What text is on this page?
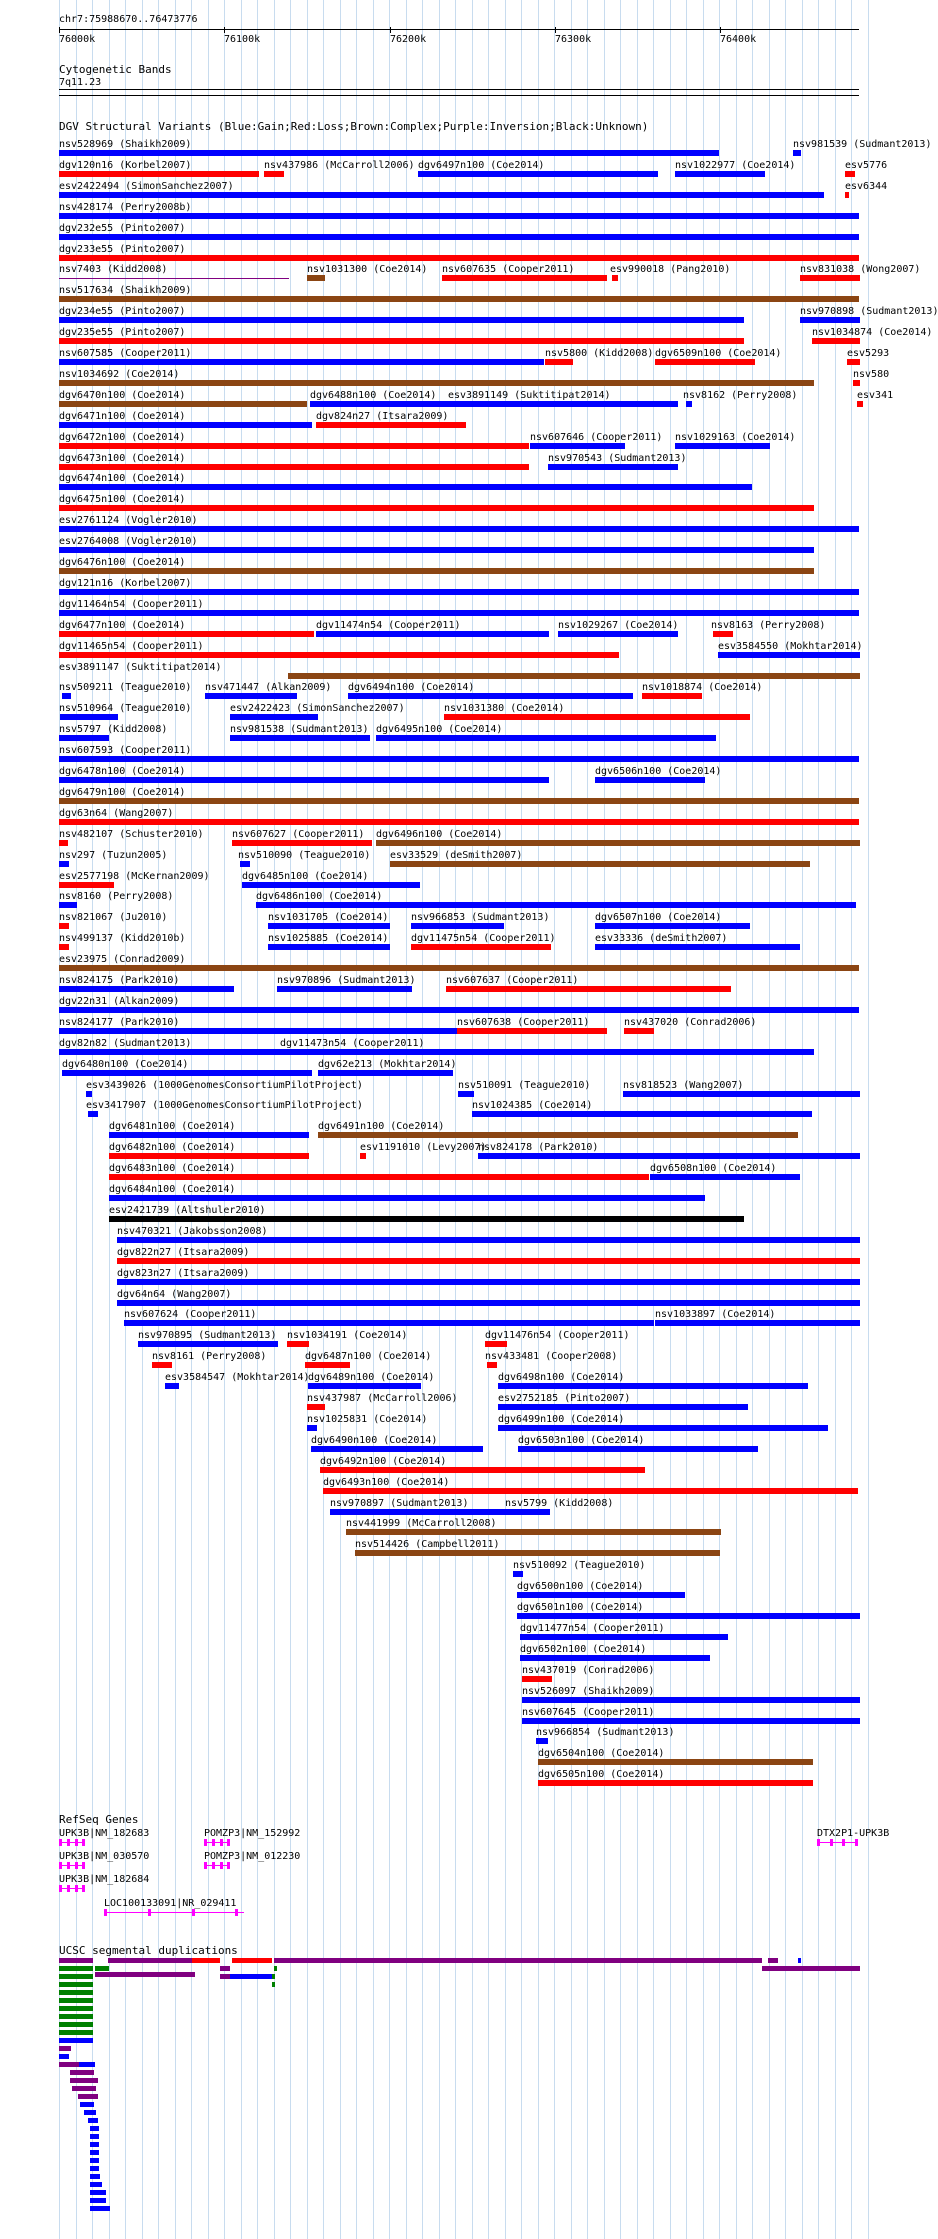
chr7:75988670..76473776
76000k	76100k	76200k	76300k	76400k
Cytogenetic Bands
7q11.23
DGV Structural Variants (Blue:Gain;Red:Loss;Brown:Complex;Purple:Inversion;Black:Unknown)
nsv528969 (Shaikh2009)	nsv981539 (Sudmant2013)
dgv120n16 (Korbel2007)	nsv437986 (McCarroll2006) dgv6497n100 (Coe2014)	nsv1022977 (Coe2014)	esv5776
esv2422494 (SimonSanchez2007)	esv6344
nsv428174 (Perry2008b)
dgv232e55 (Pinto2007)
dgv233e55 (Pinto2007)
nsv7403 (Kidd2008)	nsv1031300 (Coe2014) nsv607635 (Cooper2011)	esv990018 (Pang2010)	nsv831038 (Wong2007)
nsv517634 (Shaikh2009)
dgv234e55 (Pinto2007)	nsv970898 (Sudmant2013)
dgv235e55 (Pinto2007)	nsv1034874 (Coe2014)
nsv607585 (Cooper2011)	nsv5800 (Kidd2008) dgv6509n100 (Coe2014)	esv5293
nsv1034692 (Coe2014)	nsv580
dgv6470n100 (Coe2014)	dgv6488n100 (Coe2014) esv3891149 (Suktitipat2014)	nsv8162 (Perry2008)	esv341
dgv6471n100 (Coe2014)	dgv824n27 (Itsara2009)
dgv6472n100 (Coe2014)	nsv607646 (Cooper2011) nsv1029163 (Coe2014)
dgv6473n100 (Coe2014)	nsv970543 (Sudmant2013)
dgv6474n100 (Coe2014)
dgv6475n100 (Coe2014)
esv2761124 (Vogler2010)
esv2764008 (Vogler2010)
dgv6476n100 (Coe2014)
dgv121n16 (Korbel2007)
dgv11464n54 (Cooper2011)
dgv6477n100 (Coe2014)	dgv11474n54 (Cooper2011)	nsv1029267 (Coe2014)	nsv8163 (Perry2008)
dgv11465n54 (Cooper2011)	esv3584550 (Mokhtar2014)
esv3891147 (Suktitipat2014)
nsv509211 (Teague2010) nsv471447 (Alkan2009) dgv6494n100 (Coe2014)	nsv1018874 (Coe2014)
nsv510964 (Teague2010)	esv2422423 (SimonSanchez2007)	nsv1031380 (Coe2014)
nsv5797 (Kidd2008)	nsv981538 (Sudmant2013) dgv6495n100 (Coe2014)
nsv607593 (Cooper2011)
dgv6478n100 (Coe2014)	dgv6506n100 (Coe2014)
dgv6479n100 (Coe2014)
dgv63n64 (Wang2007)
nsv482107 (Schuster2010)	nsv607627 (Cooper2011) dgv6496n100 (Coe2014)
nsv297 (Tuzun2005)	nsv510090 (Teague2010) esv33529 (deSmith2007)
esv2577198 (McKernan2009)	dgv6485n100 (Coe2014)
nsv8160 (Perry2008)	dgv6486n100 (Coe2014)
nsv821067 (Ju2010)	nsv1031705 (Coe2014) nsv966853 (Sudmant2013)	dgv6507n100 (Coe2014)
nsv499137 (Kidd2010b)	nsv1025885 (Coe2014) dgv11475n54 (Cooper2011)	esv33336 (deSmith2007)
esv23975 (Conrad2009)
nsv824175 (Park2010)	nsv970896 (Sudmant2013)	nsv607637 (Cooper2011)
dgv22n31 (Alkan2009)
nsv824177 (Park2010)	nsv607638 (Cooper2011)	nsv437020 (Conrad2006)
dgv82n82 (Sudmant2013)	dgv11473n54 (Cooper2011)
dgv6480n100 (Coe2014)	dgv62e213 (Mokhtar2014)
esv3439026 (1000GenomesConsortiumPilotProject)	nsv510091 (Teague2010)	nsv818523 (Wang2007)
esv3417907 (1000GenomesConsortiumPilotProject)	nsv1024385 (Coe2014)
dgv6481n100 (Coe2014)	dgv6491n100 (Coe2014)
dgv6482n100 (Coe2014)	esv1191010 (Levy2007)
nsv824178 (Park2010)
dgv6483n100 (Coe2014)	dgv6508n100 (Coe2014)
dgv6484n100 (Coe2014)
esv2421739 (Altshuler2010)
nsv470321 (Jakobsson2008)
dgv822n27 (Itsara2009)
dgv823n27 (Itsara2009)
dgv64n64 (Wang2007)
nsv607624 (Cooper2011)	nsv1033897 (Coe2014)
nsv970895 (Sudmant2013) nsv1034191 (Coe2014)	dgv11476n54 (Cooper2011)
nsv8161 (Perry2008)	dgv6487n100 (Coe2014)	nsv433481 (Cooper2008)
esv3584547 (Mokhtar2014)
dgv6489n100 (Coe2014)	dgv6498n100 (Coe2014)
nsv437987 (McCarroll2006)	esv2752185 (Pinto2007)
nsv1025831 (Coe2014)	dgv6499n100 (Coe2014)
dgv6490n100 (Coe2014)	dgv6503n100 (Coe2014)
dgv6492n100 (Coe2014)
dgv6493n100 (Coe2014)
nsv970897 (Sudmant2013)	nsv5799 (Kidd2008)
nsv441999 (McCarroll2008)
nsv514426 (Campbell2011)
nsv510092 (Teague2010)
dgv6500n100 (Coe2014)
dgv6501n100 (Coe2014)
dgv11477n54 (Cooper2011)
dgv6502n100 (Coe2014)
nsv437019 (Conrad2006)
nsv526097 (Shaikh2009)
nsv607645 (Cooper2011)
nsv966854 (Sudmant2013)
dgv6504n100 (Coe2014)
dgv6505n100 (Coe2014)
RefSeq Genes
UPK3B|NM_182683	POMZP3|NM_152992	DTX2P1-UPK3B
UPK3B|NM_030570	POMZP3|NM_012230
UPK3B|NM_182684
LOC100133091|NR_029411
UCSC segmental duplications
